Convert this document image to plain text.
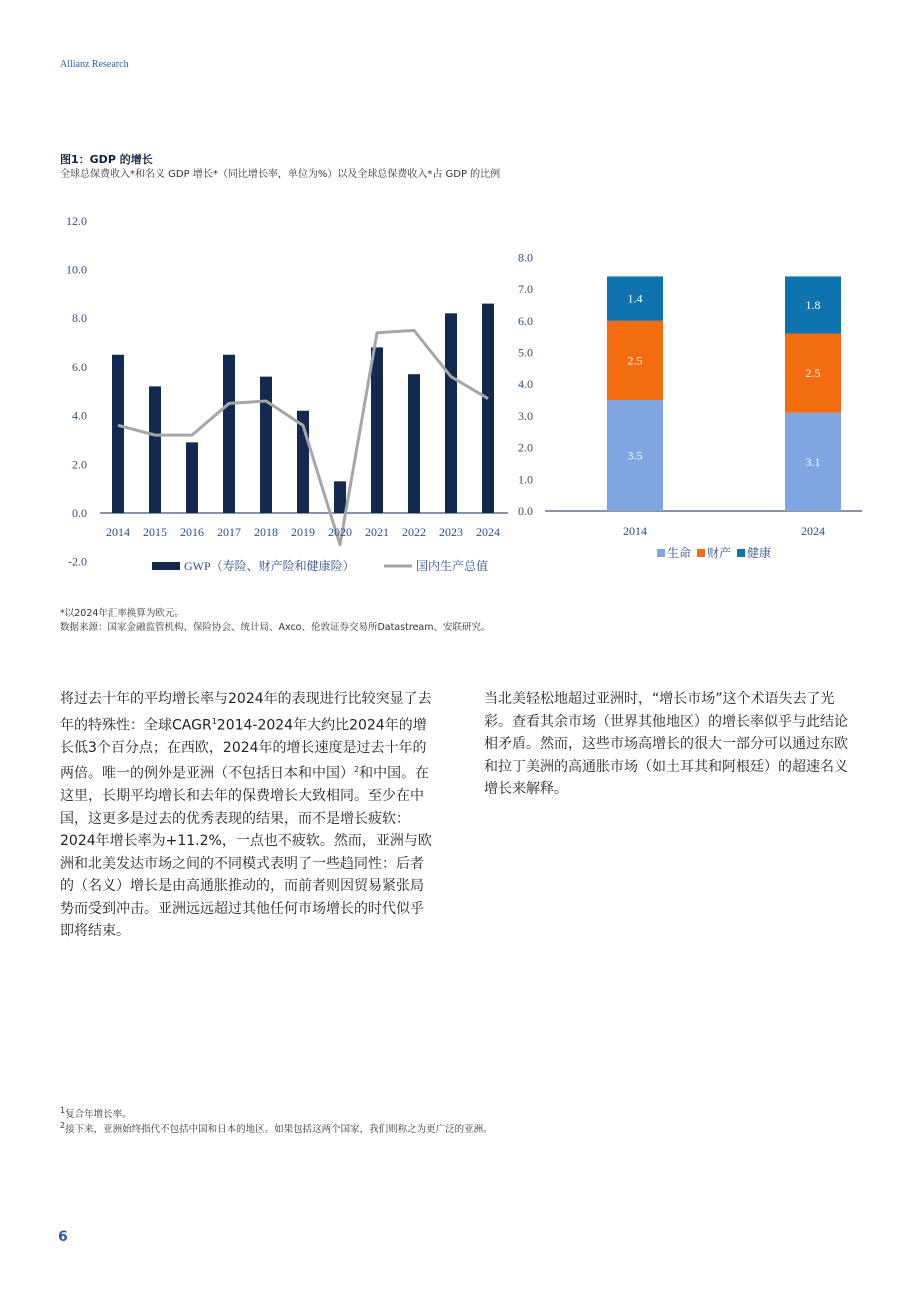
Allianz Research
图1：GDP 的增长
全球总保费收入*和名义 GDP 增长*（同比增长率，单位为%）以及全球总保费收入*占 GDP 的比例
12.0
10.0
8.0
6.0
4.0
2.0
0.0
-2.0
2014 2015 2016 2017 2018 2019 2020 2021 2022 2023 2024
GWP（寿险、财产险和健康险）	国内生产总值
8.0
7.0
6.0
5.0
4.0
3.0
2.0
1.0
0.0
3.5
2.5
1.4
2014
3.1
2.5
1.8
2024
生命 财产 健康
*以2024年汇率换算为欧元。
数据来源：国家金融监管机构、保险协会、统计局、Axco、伦敦证券交易所Datastream、安联研究。
将过去十年的平均增长率与2024年的表现进行比较突显了去年的特殊性：全球CAGR$^1$2014-2024年大约比2024年的增长低3个百分点；在西欧，2024年的增长速度是过去十年的两倍。唯一的例外是亚洲（不包括日本和中国）$^2$和中国。在这里，长期平均增长和去年的保费增长大致相同。至少在中国，这更多是过去的优秀表现的结果，而不是增长疲软：2024年增长率为+11.2%，一点也不疲软。然而，亚洲与欧洲和北美发达市场之间的不同模式表明了一些趋同性：后者的（名义）增长是由高通胀推动的，而前者则因贸易紧张局势而受到冲击。亚洲远远超过其他任何市场增长的时代似乎即将结束。
当北美轻松地超过亚洲时，“增长市场”这个术语失去了光彩。查看其余市场（世界其他地区）的增长率似乎与此结论相矛盾。然而，这些市场高增长的很大一部分可以通过东欧和拉丁美洲的高通胀市场（如土耳其和阿根廷）的超速名义增长来解释。
$^1$复合年增长率。
$^2$接下来，亚洲始终指代不包括中国和日本的地区。如果包括这两个国家，我们则称之为更广泛的亚洲。
6
